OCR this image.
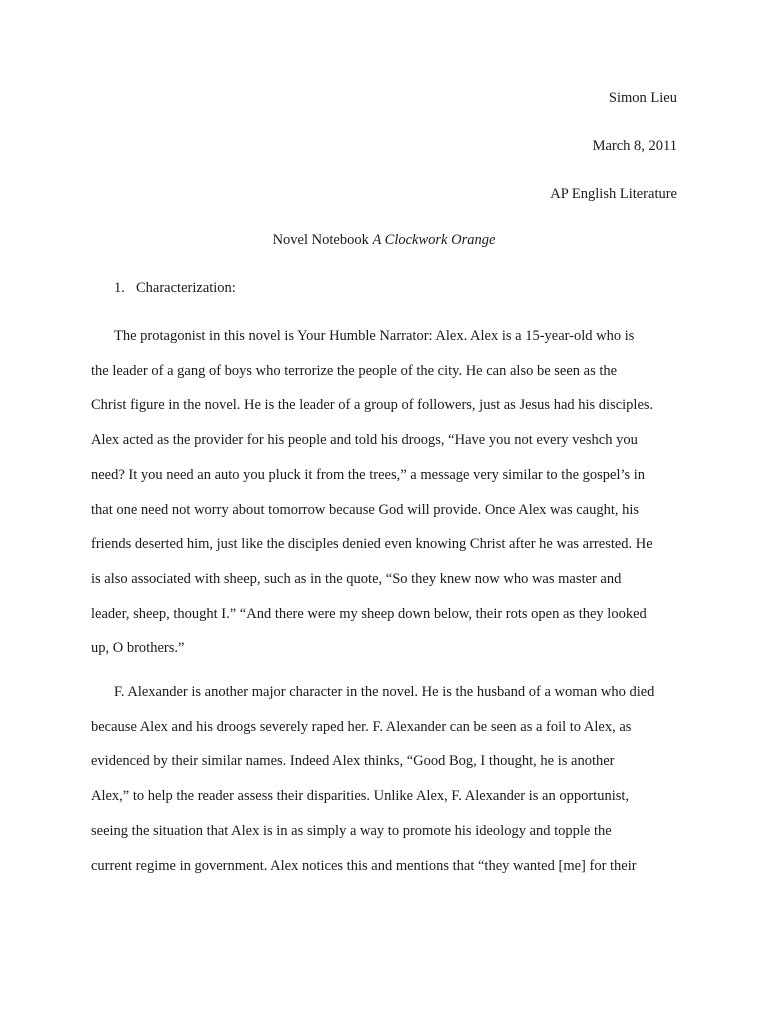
Simon Lieu

March 8, 2011

AP English Literature

Novel Notebook A Clockwork Orange

1. Characterization:

The protagonist in this novel is Your Humble Narrator: Alex. Alex is a 15-year-old who is
the leader of a gang of boys who terrorize the people of the city. He can also be seen as the
Christ figure in the novel. He is the leader of a group of followers, just as Jesus had his disciples.
Alex acted as the provider for his people and told his droogs, “Have you not every veshch you
need? It you need an auto you pluck it from the trees,” a message very similar to the gospel’s in
that one need not worry about tomorrow because God will provide. Once Alex was caught, his
friends deserted him, just like the disciples denied even knowing Christ after he was arrested. He
is also associated with sheep, such as in the quote, “So they knew now who was master and
leader, sheep, thought I.” “And there were my sheep down below, their rots open as they looked
up, O brothers.”
F. Alexander is another major character in the novel. He is the husband of a woman who died
because Alex and his droogs severely raped her. F. Alexander can be seen as a foil to Alex, as
evidenced by their similar names. Indeed Alex thinks, “Good Bog, I thought, he is another
Alex,” to help the reader assess their disparities. Unlike Alex, F. Alexander is an opportunist,
seeing the situation that Alex is in as simply a way to promote his ideology and topple the
current regime in government. Alex notices this and mentions that “they wanted [me] for their
